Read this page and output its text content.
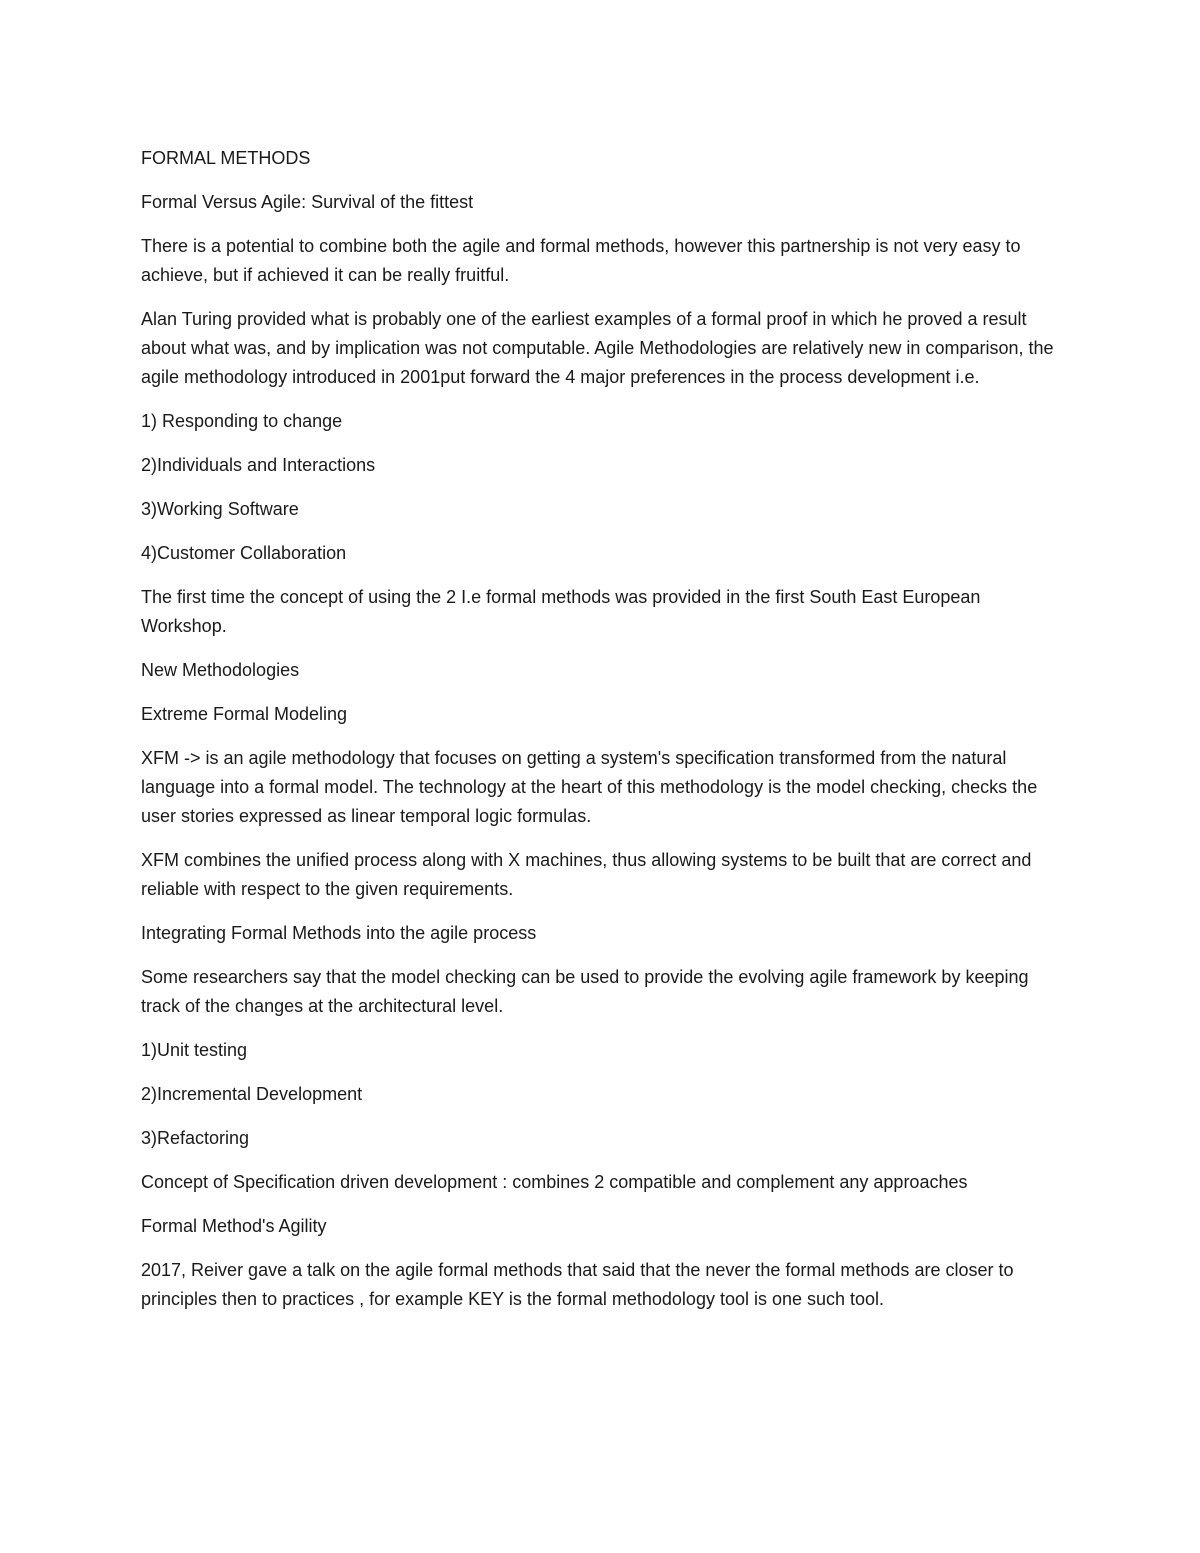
FORMAL METHODS

Formal Versus Agile: Survival of the fittest

There is a potential to combine both the agile and formal methods, however this partnership is not very easy to achieve, but if achieved it can be really fruitful.

Alan Turing provided what is probably one of the earliest examples of a formal proof in which he proved a result about what was, and by implication was not computable. Agile Methodologies are relatively new in comparison, the agile methodology introduced in 2001put forward the 4 major preferences in the process development i.e.

1) Responding to change

2)Individuals and Interactions

3)Working Software

4)Customer Collaboration

The first time the concept of using the 2 I.e formal methods was provided in the first South East European Workshop.

New Methodologies

Extreme Formal Modeling

XFM -> is an agile methodology that focuses on getting a system's specification transformed from the natural language into a formal model. The technology at the heart of this methodology is the model checking, checks the user stories expressed as linear temporal logic formulas.

XFM combines the unified process along with X machines, thus allowing systems to be built that are correct and reliable with respect to the given requirements.

Integrating Formal Methods into the agile process

Some researchers say that the model checking can be used to provide the evolving agile framework by keeping track of the changes at the architectural level.

1)Unit testing

2)Incremental Development

3)Refactoring

Concept of Specification driven development : combines 2 compatible and complement any approaches

Formal Method's Agility

2017, Reiver gave a talk on the agile formal methods that said that the never the formal methods are closer to principles then to practices , for example KEY is the formal methodology tool is one such tool.
